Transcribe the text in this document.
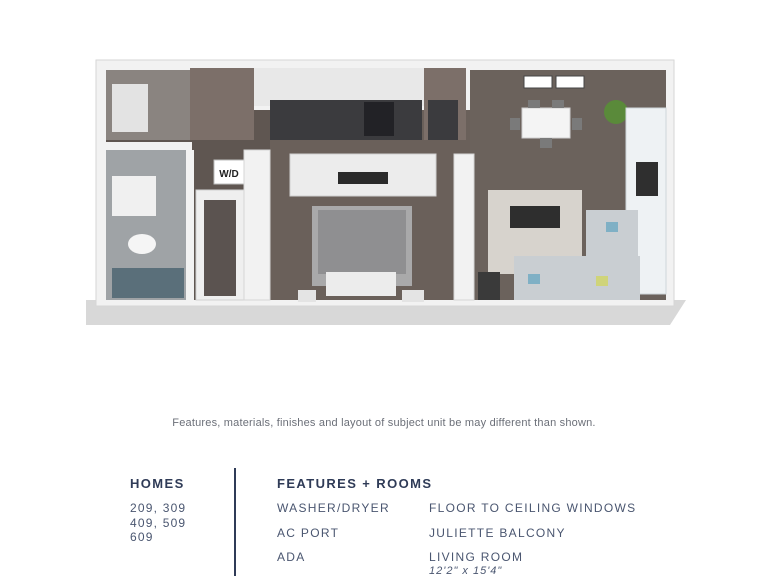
W/D
Features, materials, finishes and layout of subject unit be may different than shown.
HOMES
209, 309
409, 509
609
FEATURES + ROOMS
WASHER/DRYER
AC PORT
ADA
FLOOR TO CEILING WINDOWS
JULIETTE BALCONY
LIVING ROOM
12'2" x 15'4"
